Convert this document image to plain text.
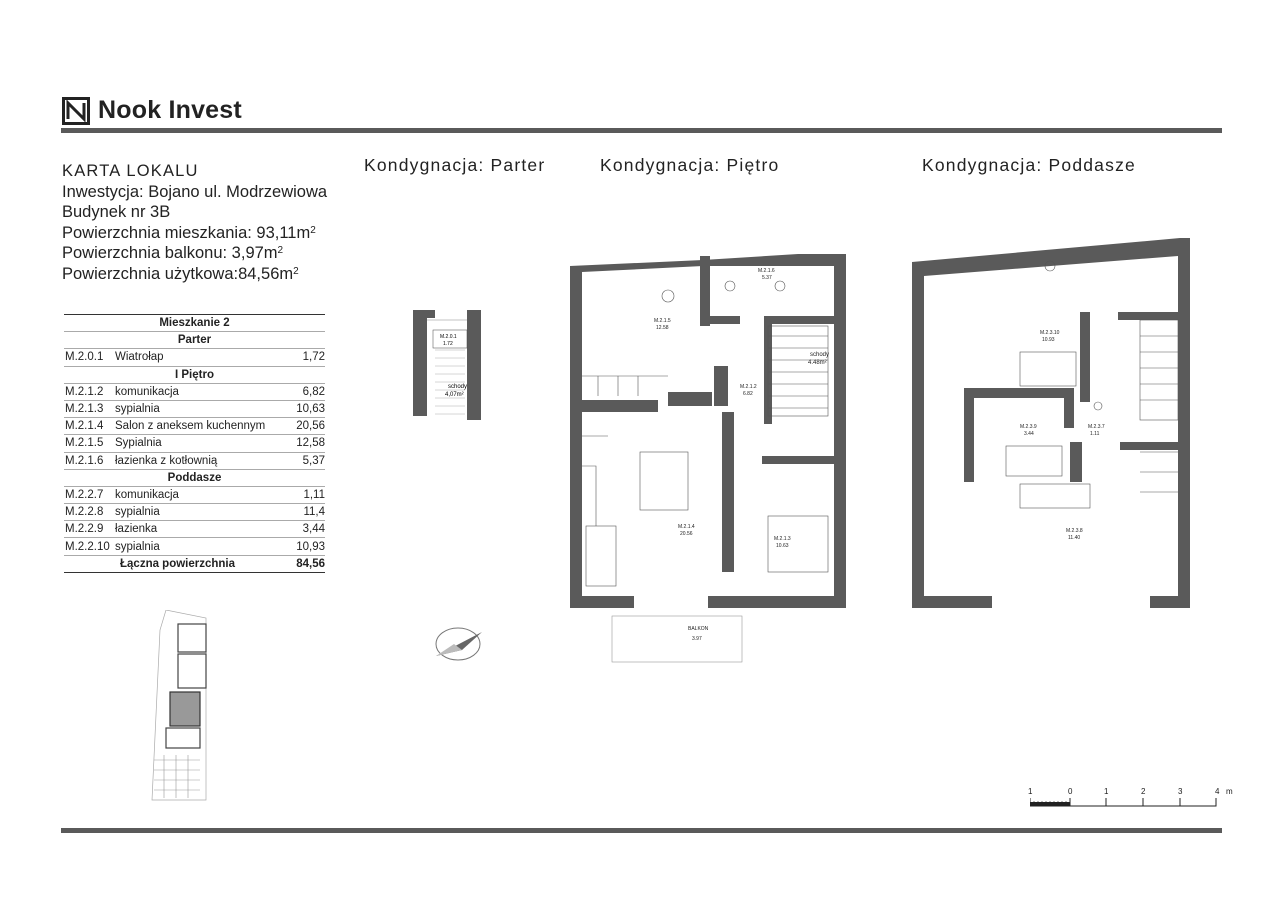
Nook Invest
KARTA LOKALU
Inwestycja: Bojano ul. Modrzewiowa
Budynek nr 3B
Powierzchnia mieszkania: $93,11m^2$
Powierzchnia balkonu: $3,97m^2$
Powierzchnia $użytkowa:84,56m^2$
Mieszkanie 2		
Parter		
M.2.0.1	Wiatrołap	1,72
I Piętro		
M.2.1.2	komunikacja	6,82
M.2.1.3	sypialnia	10,63
M.2.1.4	Salon z aneksem kuchennym	20,56
M.2.1.5	Sypialnia	12,58
M.2.1.6	łazienka z kotłownią	5,37
Poddasze		
M.2.2.7	komunikacja	1,11
M.2.2.8	sypialnia	11,4
M.2.2.9	łazienka	3,44
M.2.2.10	sypialnia	10,93
	Łączna powierzchnia	84,56
Kondygnacja: Parter	Kondygnacja: Piętro	Kondygnacja: Poddasze
M.2.0.1
1.72
schody
4,07m²
M.2.1.5
12.58
M.2.1.6
5.37
M.2.1.2
6.82
M.2.1.4
20.56
M.2.1.3
10.63
schody
4.48m²
BALKON
3.97
M.2.3.10
10.93
M.2.3.9
3.44
M.2.3.7
1.11
M.2.3.8
11.40
1	0	1	2	3	4 m
